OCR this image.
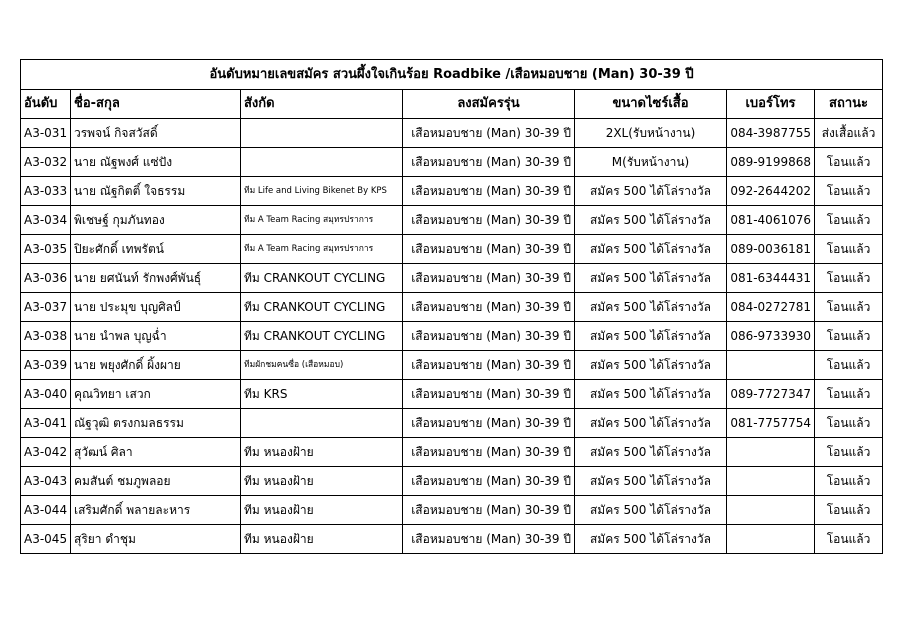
อันดับหมายเลขสมัคร สวนผึ้งใจเกินร้อย Roadbike /เสือหมอบชาย (Man) 30-39 ปี						
อันดับ	ชื่อ-สกุล	สังกัด	ลงสมัครรุ่น	ขนาดไซร์เสื้อ	เบอร์โทร	สถานะ
A3-031	วรพจน์ กิจสวัสดิ์		เสือหมอบชาย (Man) 30-39 ปี	2XL(รับหน้างาน)	084-3987755	ส่งเสื้อแล้ว
A3-032	นาย ณัฐพงศ์ แซ่ปัง		เสือหมอบชาย (Man) 30-39 ปี	M(รับหน้างาน)	089-9199868	โอนแล้ว
A3-033	นาย ณัฐกิตติ์ ใจธรรม	ทีม Life and Living Bikenet By KPS	เสือหมอบชาย (Man) 30-39 ปี	สมัคร 500 ได้โล่รางวัล	092-2644202	โอนแล้ว
A3-034	พิเชษฐ์ กุมภันทอง	ทีม A Team Racing สมุทรปราการ	เสือหมอบชาย (Man) 30-39 ปี	สมัคร 500 ได้โล่รางวัล	081-4061076	โอนแล้ว
A3-035	ปิยะศักดิ์ เทพรัตน์	ทีม A Team Racing สมุทรปราการ	เสือหมอบชาย (Man) 30-39 ปี	สมัคร 500 ได้โล่รางวัล	089-0036181	โอนแล้ว
A3-036	นาย ยศนันท์ รักพงศ์พันธุ์	ทีม CRANKOUT CYCLING	เสือหมอบชาย (Man) 30-39 ปี	สมัคร 500 ได้โล่รางวัล	081-6344431	โอนแล้ว
A3-037	นาย ประมุข บุญศิลป์	ทีม CRANKOUT CYCLING	เสือหมอบชาย (Man) 30-39 ปี	สมัคร 500 ได้โล่รางวัล	084-0272781	โอนแล้ว
A3-038	นาย นำพล บุญฉ่ำ	ทีม CRANKOUT CYCLING	เสือหมอบชาย (Man) 30-39 ปี	สมัคร 500 ได้โล่รางวัล	086-9733930	โอนแล้ว
A3-039	นาย พยุงศักดิ์ ผิ้งผาย	ทีมผักชมฅนซื่อ (เสือหมอบ)	เสือหมอบชาย (Man) 30-39 ปี	สมัคร 500 ได้โล่รางวัล		โอนแล้ว
A3-040	คุณวิทยา เสวก	ทีม KRS	เสือหมอบชาย (Man) 30-39 ปี	สมัคร 500 ได้โล่รางวัล	089-7727347	โอนแล้ว
A3-041	ณัฐวุฒิ ตรงกมลธรรม		เสือหมอบชาย (Man) 30-39 ปี	สมัคร 500 ได้โล่รางวัล	081-7757754	โอนแล้ว
A3-042	สุวัฒน์ ศิลา	ทีม หนองฝ้าย	เสือหมอบชาย (Man) 30-39 ปี	สมัคร 500 ได้โล่รางวัล		โอนแล้ว
A3-043	คมสันต์ ชมภูพลอย	ทีม หนองฝ้าย	เสือหมอบชาย (Man) 30-39 ปี	สมัคร 500 ได้โล่รางวัล		โอนแล้ว
A3-044	เสริมศักดิ์ พลายละหาร	ทีม หนองฝ้าย	เสือหมอบชาย (Man) 30-39 ปี	สมัคร 500 ได้โล่รางวัล		โอนแล้ว
A3-045	สุริยา ดำชุม	ทีม หนองฝ้าย	เสือหมอบชาย (Man) 30-39 ปี	สมัคร 500 ได้โล่รางวัล		โอนแล้ว
